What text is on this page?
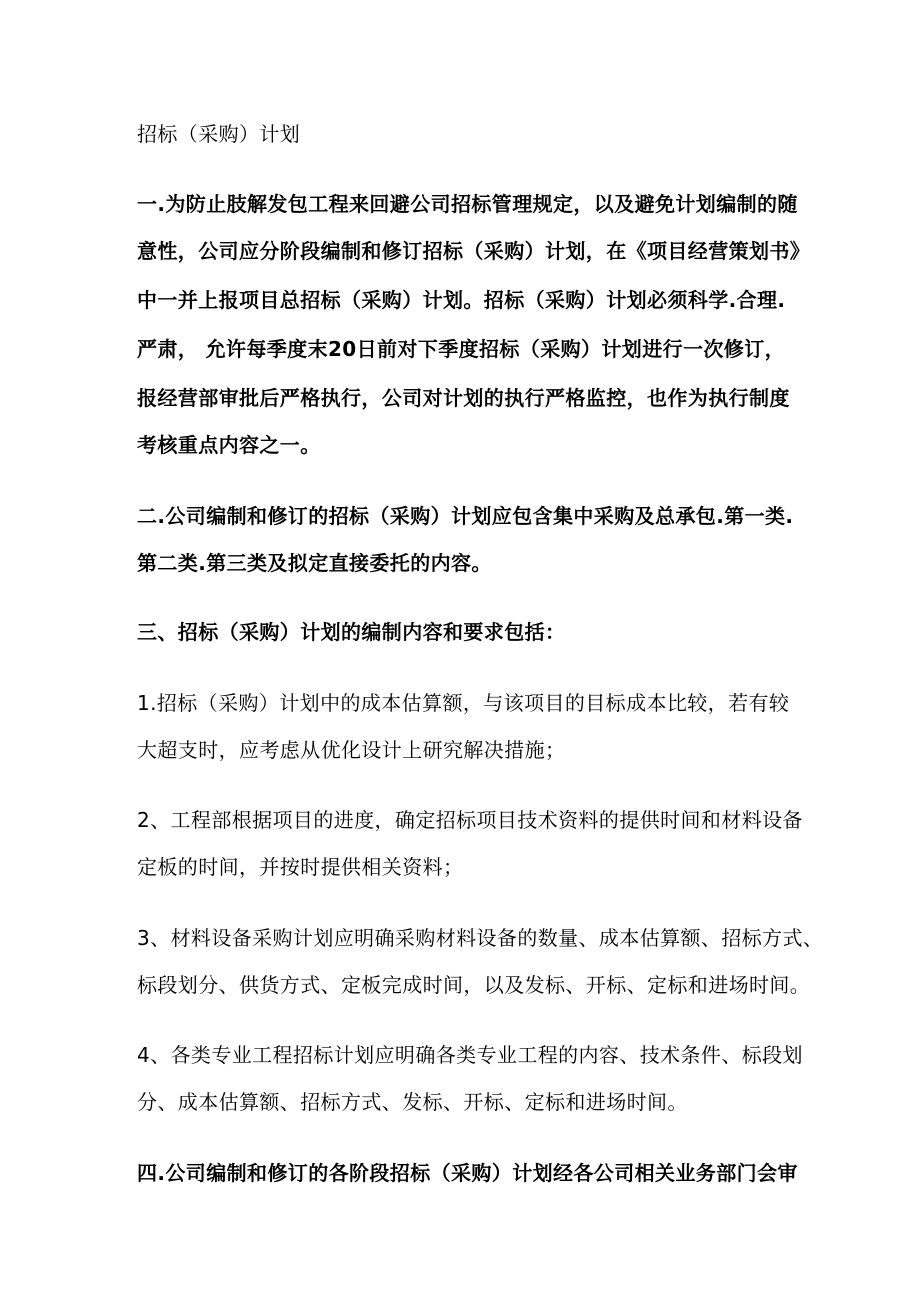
招标（采购）计划
一.为防止肢解发包工程来回避公司招标管理规定，以及避免计划编制的随
意性，公司应分阶段编制和修订招标（采购）计划，在《项目经营策划书》
中一并上报项目总招标（采购）计划。招标（采购）计划必须科学.合理.
严肃， 允许每季度末20日前对下季度招标（采购）计划进行一次修订，
报经营部审批后严格执行，公司对计划的执行严格监控，也作为执行制度
考核重点内容之一。
二.公司编制和修订的招标（采购）计划应包含集中采购及总承包.第一类.
第二类.第三类及拟定直接委托的内容。
三、招标（采购）计划的编制内容和要求包括：
1.招标（采购）计划中的成本估算额，与该项目的目标成本比较，若有较
大超支时，应考虑从优化设计上研究解决措施；
2、工程部根据项目的进度，确定招标项目技术资料的提供时间和材料设备
定板的时间，并按时提供相关资料；
3、材料设备采购计划应明确采购材料设备的数量、成本估算额、招标方式、
标段划分、供货方式、定板完成时间，以及发标、开标、定标和进场时间。
4、各类专业工程招标计划应明确各类专业工程的内容、技术条件、标段划
分、成本估算额、招标方式、发标、开标、定标和进场时间。
四.公司编制和修订的各阶段招标（采购）计划经各公司相关业务部门会审
